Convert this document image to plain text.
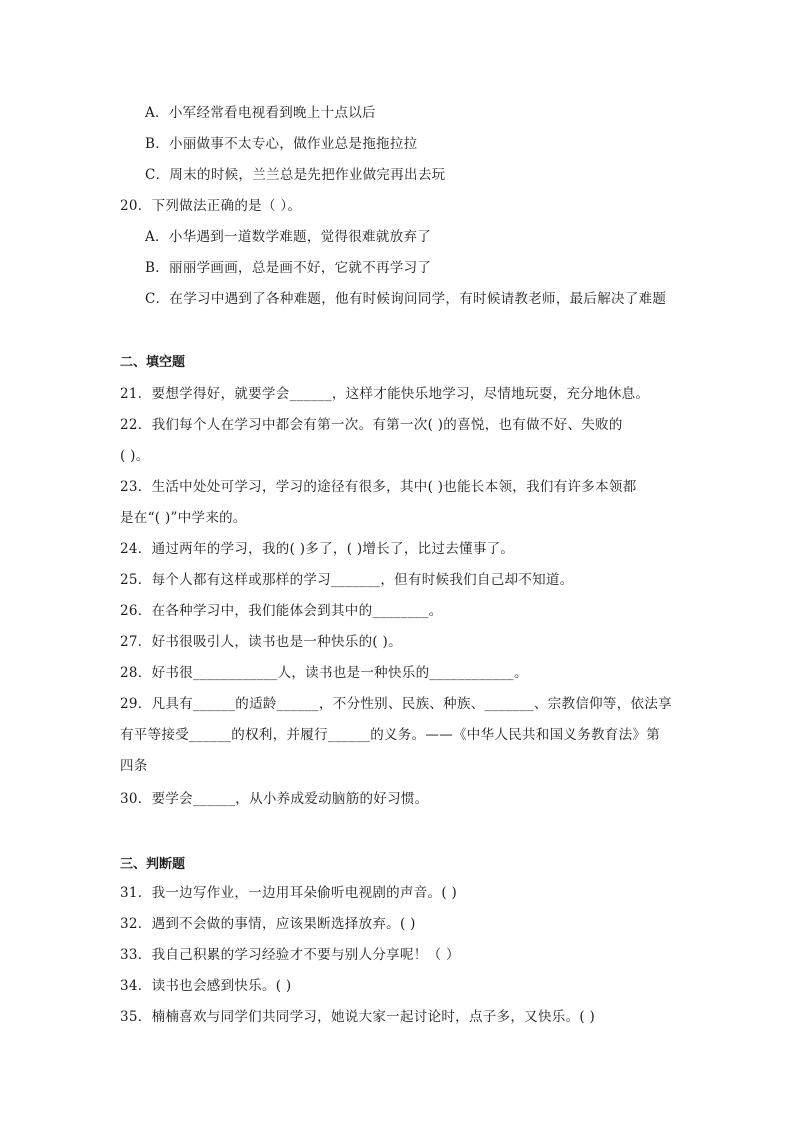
A．小军经常看电视看到晚上十点以后
B．小丽做事不太专心，做作业总是拖拖拉拉
C．周末的时候，兰兰总是先把作业做完再出去玩
20．下列做法正确的是（ ）。
A．小华遇到一道数学难题，觉得很难就放弃了
B．丽丽学画画，总是画不好，它就不再学习了
C．在学习中遇到了各种难题，他有时候询问同学，有时候请教老师，最后解决了难题
二、填空题
21．要想学得好，就要学会______，这样才能快乐地学习，尽情地玩耍，充分地休息。
22．我们每个人在学习中都会有第一次。有第一次( )的喜悦，也有做不好、失败的
( )。
23．生活中处处可学习，学习的途径有很多，其中( )也能长本领，我们有许多本领都
是在“( )”中学来的。
24．通过两年的学习，我的( )多了，( )增长了，比过去懂事了。
25．每个人都有这样或那样的学习_______，但有时候我们自己却不知道。
26．在各种学习中，我们能体会到其中的________。
27．好书很吸引人，读书也是一种快乐的( )。
28．好书很____________人，读书也是一种快乐的____________。
29．凡具有______的适龄______，不分性别、民族、种族、_______、宗教信仰等，依法享
有平等接受______的权利，并履行______的义务。——《中华人民共和国义务教育法》第
四条
30．要学会______，从小养成爱动脑筋的好习惯。
三、判断题
31．我一边写作业，一边用耳朵偷听电视剧的声音。( )
32．遇到不会做的事情，应该果断选择放弃。( )
33．我自己积累的学习经验才不要与别人分享呢！（ ）
34．读书也会感到快乐。( )
35．楠楠喜欢与同学们共同学习，她说大家一起讨论时，点子多，又快乐。( )
